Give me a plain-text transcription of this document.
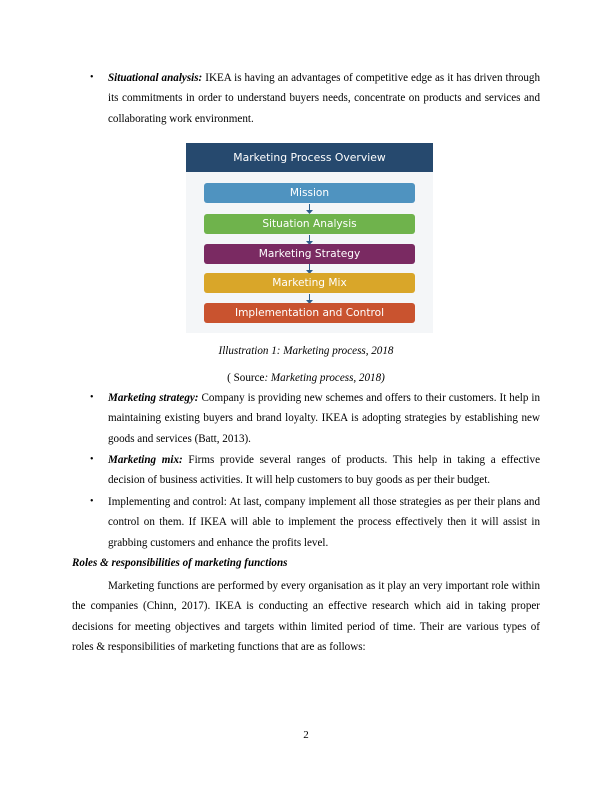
• Situational analysis: IKEA is having an advantages of competitive edge as it has driven through its commitments in order to understand buyers needs, concentrate on products and services and collaborating work environment.
Marketing Process Overview
Mission
Situation Analysis
Marketing Strategy
Marketing Mix
Implementation and Control
Illustration 1: Marketing process, 2018
( Source: Marketing process, 2018)
• Marketing strategy: Company is providing new schemes and offers to their customers. It help in maintaining existing buyers and brand loyalty. IKEA is adopting strategies by establishing new goods and services (Batt, 2013).
• Marketing mix: Firms provide several ranges of products. This help in taking a effective decision of business activities. It will help customers to buy goods as per their budget.
• Implementing and control: At last, company implement all those strategies as per their plans and control on them. If IKEA will able to implement the process effectively then it will assist in grabbing customers and enhance the profits level.
Roles & responsibilities of marketing functions
Marketing functions are performed by every organisation as it play an very important role within the companies (Chinn, 2017). IKEA is conducting an effective research which aid in taking proper decisions for meeting objectives and targets within limited period of time. Their are various types of roles & responsibilities of marketing functions that are as follows:
2
